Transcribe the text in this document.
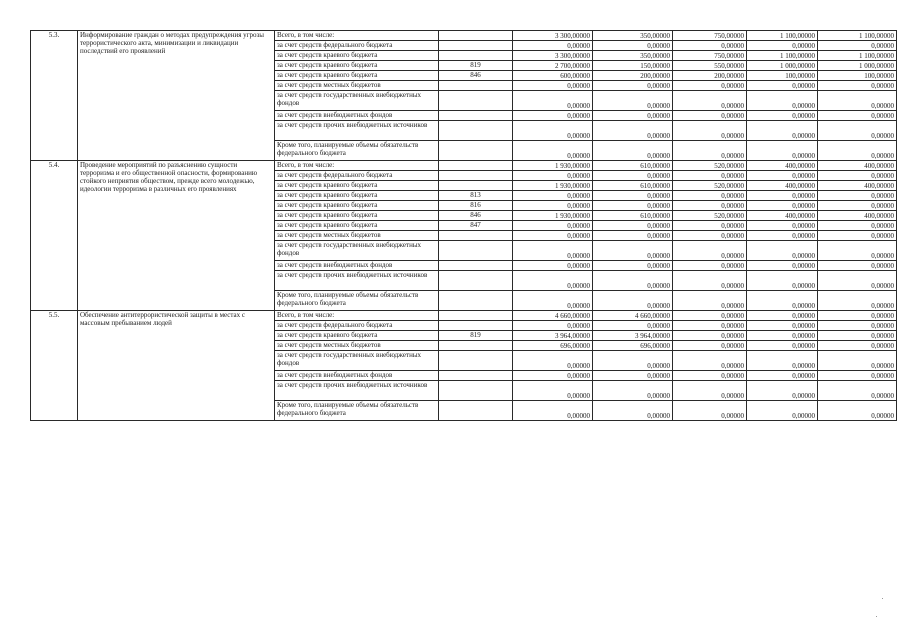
5.3.	Информирование граждан о методах предупреждения угрозы террористического акта, минимизации и ликвидации последствий его проявлений	Всего, в том числе:		3 300,00000	350,00000	750,00000	1 100,00000	1 100,00000
		за счет средств федерального бюджета		0,00000	0,00000	0,00000	0,00000	0,00000
		за счет средств краевого бюджета		3 300,00000	350,00000	750,00000	1 100,00000	1 100,00000
		за счет средств краевого бюджета	819	2 700,00000	150,00000	550,00000	1 000,00000	1 000,00000
		за счет средств краевого бюджета	846	600,00000	200,00000	200,00000	100,00000	100,00000
		за счет средств местных бюджетов		0,00000	0,00000	0,00000	0,00000	0,00000
		за счет средств государственных внебюджетных фондов		0,00000	0,00000	0,00000	0,00000	0,00000
		за счет средств внебюджетных фондов		0,00000	0,00000	0,00000	0,00000	0,00000
		за счет средств прочих внебюджетных источников		0,00000	0,00000	0,00000	0,00000	0,00000
		Кроме того, планируемые объемы обязательств федерального бюджета		0,00000	0,00000	0,00000	0,00000	0,00000
5.4.	Проведение мероприятий по разъяснению сущности терроризма и его общественной опасности, формированию стойкого неприятия обществом, прежде всего молодежью, идеологии терроризма в различных его проявлениях	Всего, в том числе:		1 930,00000	610,00000	520,00000	400,00000	400,00000
		за счет средств федерального бюджета		0,00000	0,00000	0,00000	0,00000	0,00000
		за счет средств краевого бюджета		1 930,00000	610,00000	520,00000	400,00000	400,00000
		за счет средств краевого бюджета	813	0,00000	0,00000	0,00000	0,00000	0,00000
		за счет средств краевого бюджета	816	0,00000	0,00000	0,00000	0,00000	0,00000
		за счет средств краевого бюджета	846	1 930,00000	610,00000	520,00000	400,00000	400,00000
		за счет средств краевого бюджета	847	0,00000	0,00000	0,00000	0,00000	0,00000
		за счет средств местных бюджетов		0,00000	0,00000	0,00000	0,00000	0,00000
		за счет средств государственных внебюджетных фондов		0,00000	0,00000	0,00000	0,00000	0,00000
		за счет средств внебюджетных фондов		0,00000	0,00000	0,00000	0,00000	0,00000
		за счет средств прочих внебюджетных источников		0,00000	0,00000	0,00000	0,00000	0,00000
		Кроме того, планируемые объемы обязательств федерального бюджета		0,00000	0,00000	0,00000	0,00000	0,00000
5.5.	Обеспечение антитеррористической защиты в местах с массовым пребыванием людей	Всего, в том числе:		4 660,00000	4 660,00000	0,00000	0,00000	0,00000
		за счет средств федерального бюджета		0,00000	0,00000	0,00000	0,00000	0,00000
		за счет средств краевого бюджета	819	3 964,00000	3 964,00000	0,00000	0,00000	0,00000
		за счет средств местных бюджетов		696,00000	696,00000	0,00000	0,00000	0,00000
		за счет средств государственных внебюджетных фондов		0,00000	0,00000	0,00000	0,00000	0,00000
		за счет средств внебюджетных фондов		0,00000	0,00000	0,00000	0,00000	0,00000
		за счет средств прочих внебюджетных источников		0,00000	0,00000	0,00000	0,00000	0,00000
		Кроме того, планируемые объемы обязательств федерального бюджета		0,00000	0,00000	0,00000	0,00000	0,00000
